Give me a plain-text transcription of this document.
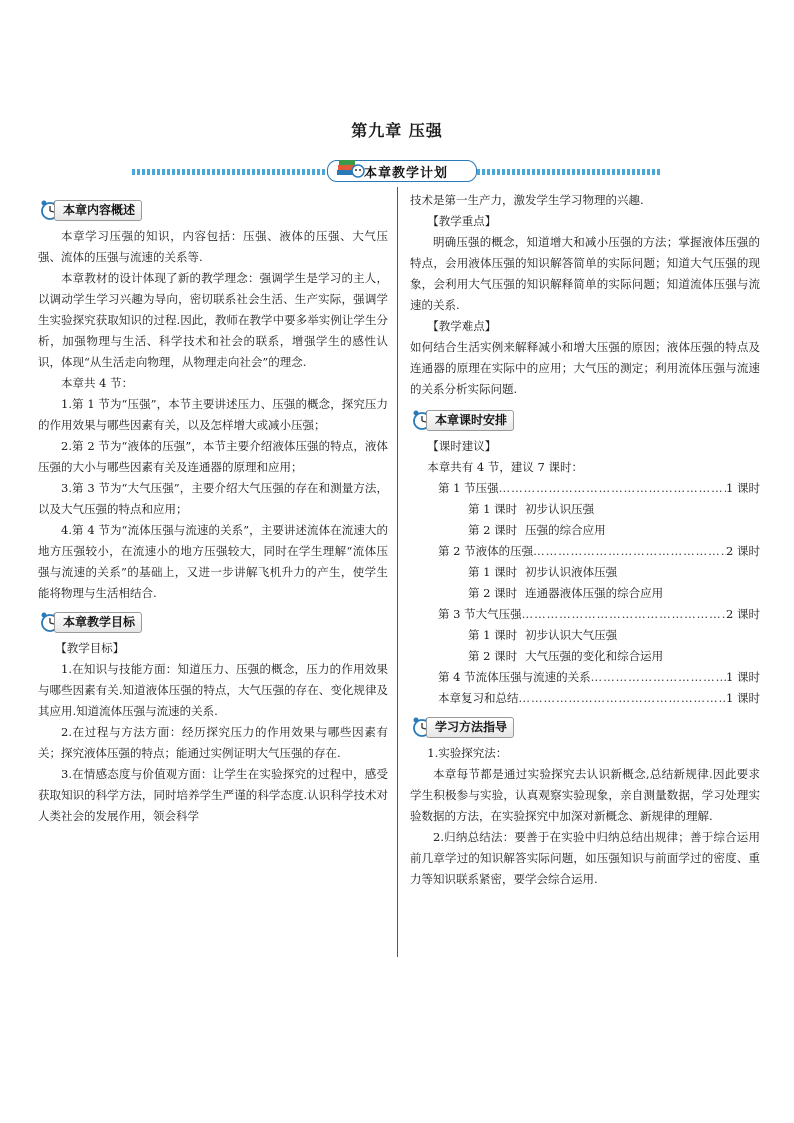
第九章 压强
本章教学计划
本章内容概述

本章学习压强的知识，内容包括：压强、液体的压强、大气压强、流体的压强与流速的关系等.

本章教材的设计体现了新的教学理念：强调学生是学习的主人，以调动学生学习兴趣为导向，密切联系社会生活、生产实际，强调学生实验探究获取知识的过程.因此，教师在教学中要多举实例让学生分析，加强物理与生活、科学技术和社会的联系，增强学生的感性认识，体现“从生活走向物理，从物理走向社会”的理念.

本章共 4 节：

1.第 1 节为“压强”，本节主要讲述压力、压强的概念，探究压力的作用效果与哪些因素有关，以及怎样增大或减小压强；

2.第 2 节为“液体的压强”，本节主要介绍液体压强的特点，液体压强的大小与哪些因素有关及连通器的原理和应用；

3.第 3 节为“大气压强”，主要介绍大气压强的存在和测量方法，以及大气压强的特点和应用；

4.第 4 节为“流体压强与流速的关系”，主要讲述流体在流速大的地方压强较小，在流速小的地方压强较大，同时在学生理解“流体压强与流速的关系”的基础上，又进一步讲解飞机升力的产生，使学生能将物理与生活相结合.

本章教学目标

【教学目标】

1.在知识与技能方面：知道压力、压强的概念，压力的作用效果与哪些因素有关.知道液体压强的特点，大气压强的存在、变化规律及其应用.知道流体压强与流速的关系.

2.在过程与方法方面：经历探究压力的作用效果与哪些因素有关；探究液体压强的特点；能通过实例证明大气压强的存在.

3.在情感态度与价值观方面：让学生在实验探究的过程中，感受获取知识的科学方法，同时培养学生严谨的科学态度.认识科学技术对人类社会的发展作用，领会科学

技术是第一生产力，激发学生学习物理的兴趣.

【教学重点】

明确压强的概念，知道增大和减小压强的方法；掌握液体压强的特点，会用液体压强的知识解答简单的实际问题；知道大气压强的现象，会利用大气压强的知识解释简单的实际问题；知道流体压强与流速的关系.

【教学难点】

如何结合生活实例来解释减小和增大压强的原因；液体压强的特点及连通器的原理在实际中的应用；大气压的测定；利用流体压强与流速的关系分析实际问题.

本章课时安排

【课时建议】

本章共有 4 节，建议 7 课时：

第 1 节压强 ……………………………………………………………………………………	1 课时
第 1 课时 初步认识压强
第 2 课时 压强的综合应用
第 2 节液体的压强 ……………………………………………………………………………………	2 课时
第 1 课时 初步认识液体压强
第 2 课时 连通器液体压强的综合应用
第 3 节大气压强 ……………………………………………………………………………………	2 课时
第 1 课时 初步认识大气压强
第 2 课时 大气压强的变化和综合运用
第 4 节流体压强与流速的关系 ……………………………………………………………………………………	1 课时
本章复习和总结 ……………………………………………………………………………………	1 课时
学习方法指导

1.实验探究法：

本章每节都是通过实验探究去认识新概念,总结新规律.因此要求学生积极参与实验，认真观察实验现象，亲自测量数据，学习处理实验数据的方法，在实验探究中加深对新概念、新规律的理解.

2.归纳总结法：要善于在实验中归纳总结出规律；善于综合运用前几章学过的知识解答实际问题，如压强知识与前面学过的密度、重力等知识联系紧密，要学会综合运用.
